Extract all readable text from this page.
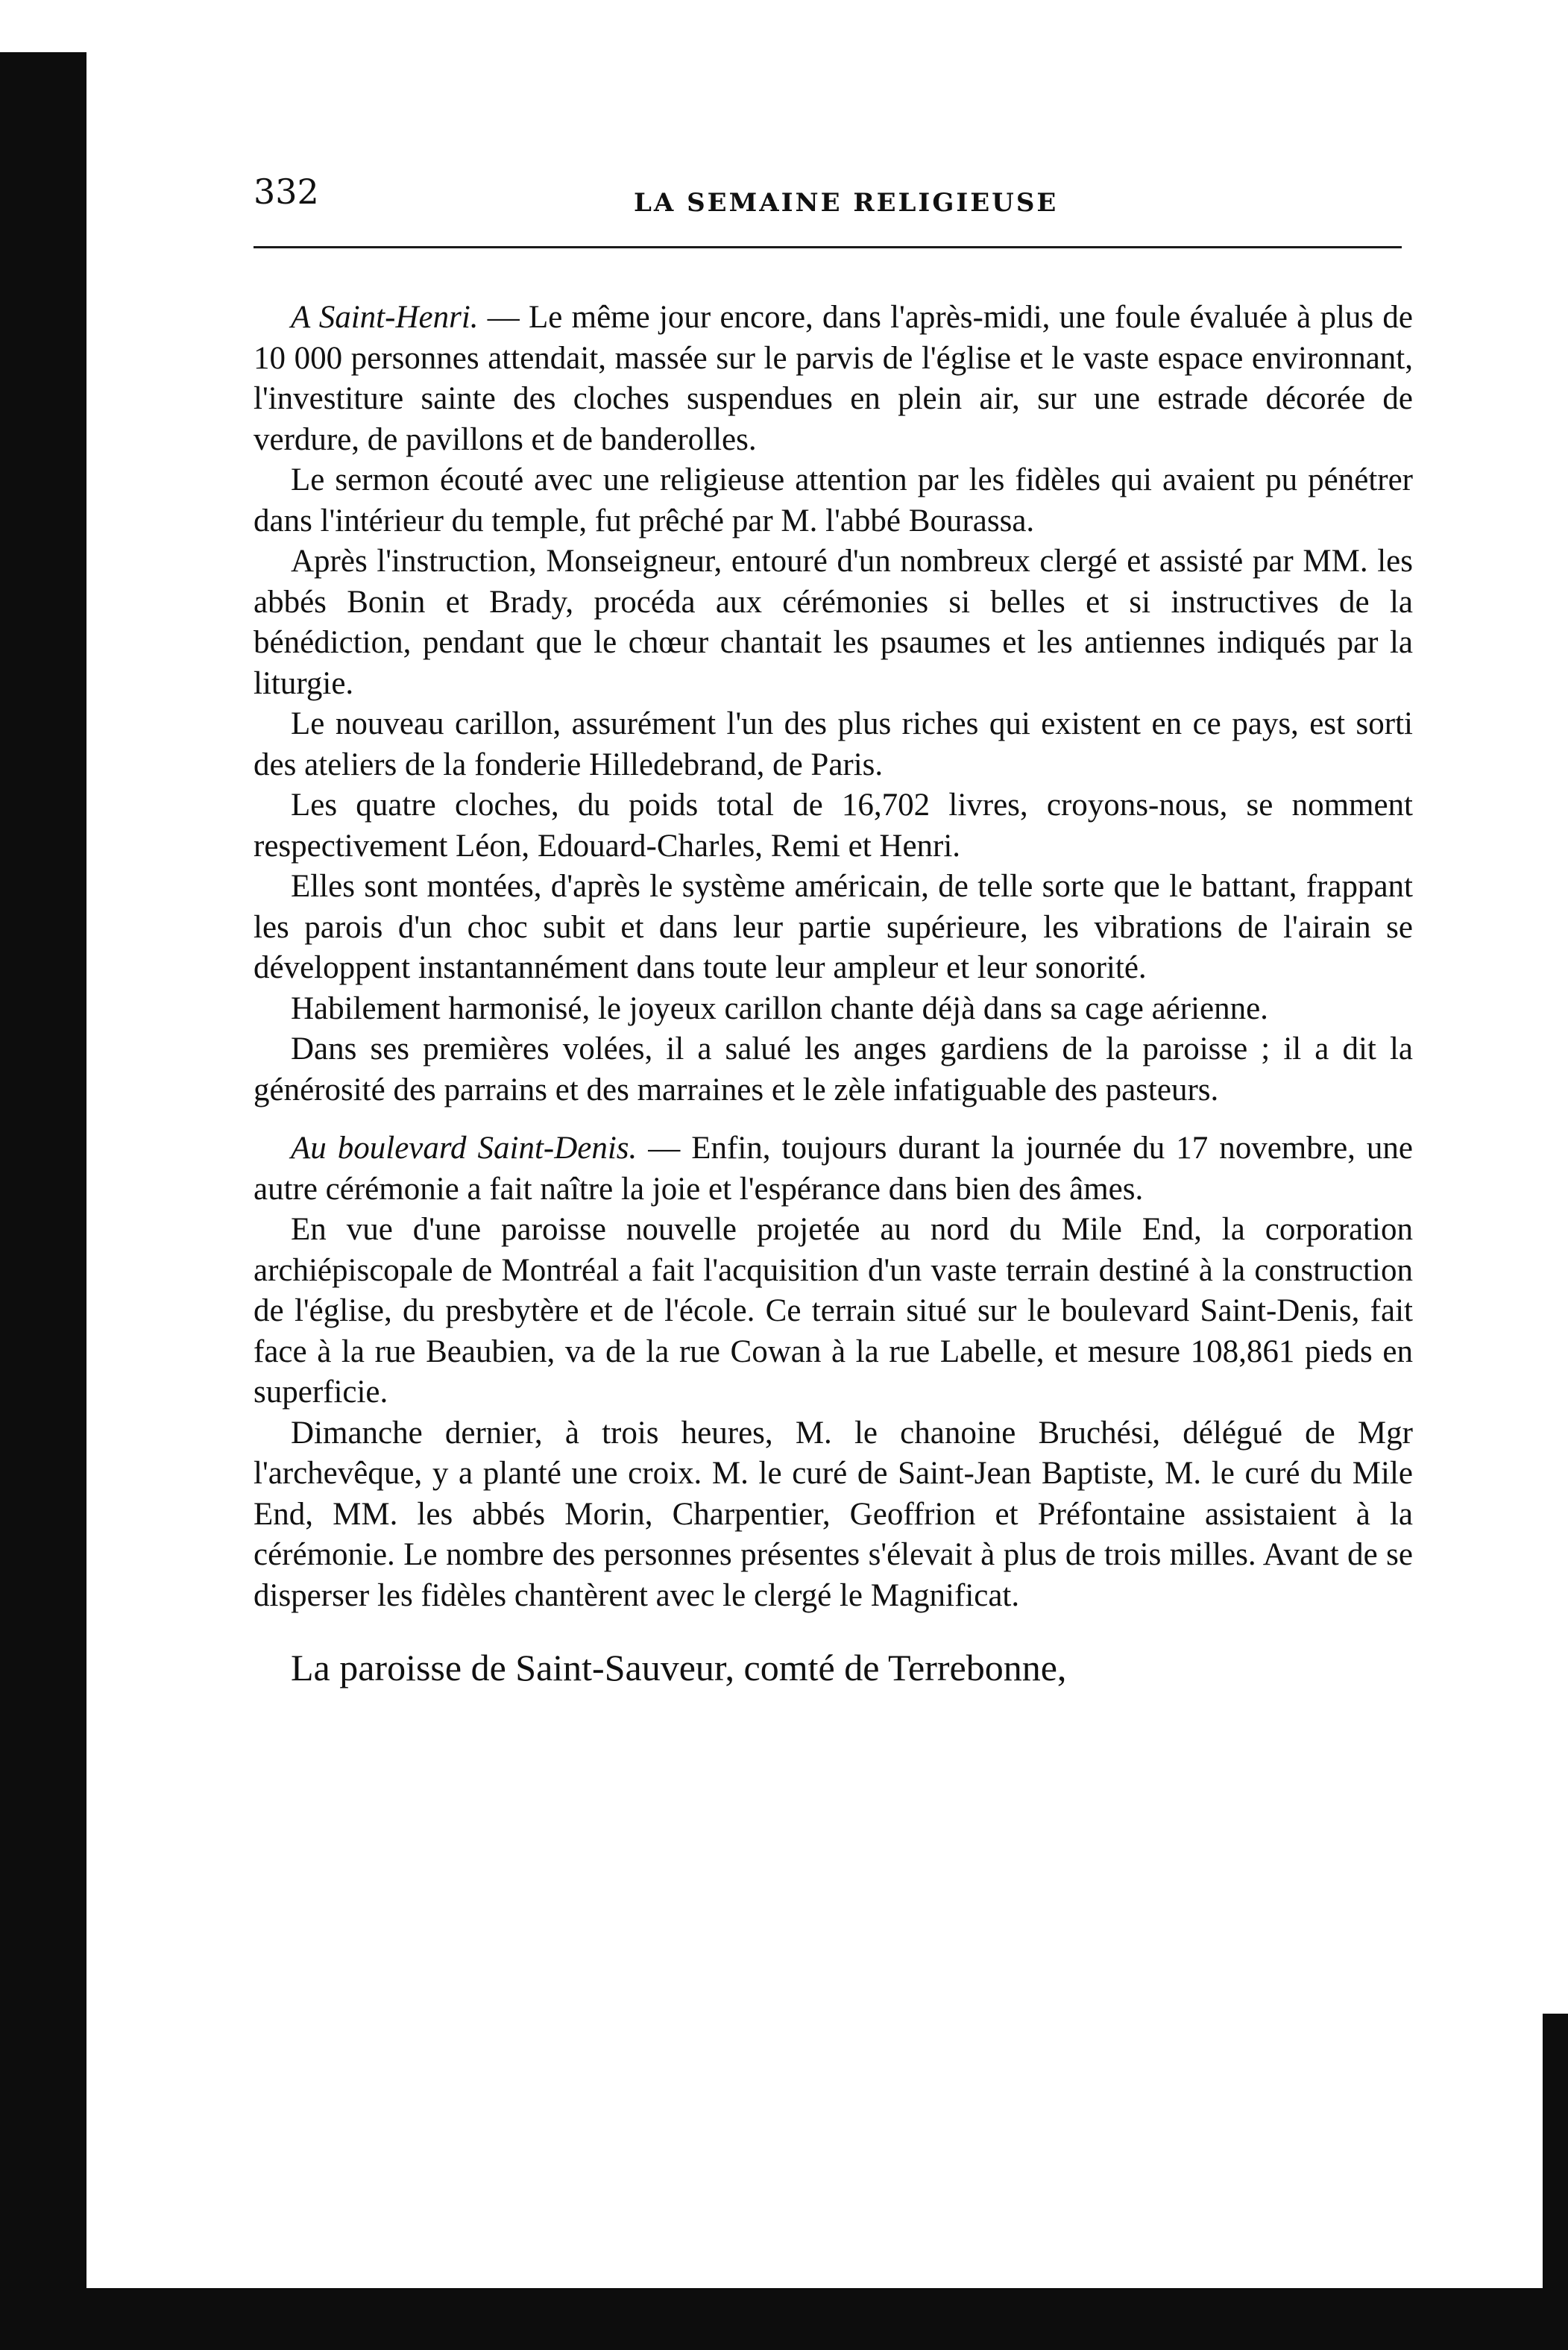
332	LA SEMAINE RELIGIEUSE

A Saint-Henri. — Le même jour encore, dans l'après-midi, une foule évaluée à plus de 10 000 personnes attendait, massée sur le parvis de l'église et le vaste espace environnant, l'investiture sainte des cloches suspendues en plein air, sur une estrade décorée de verdure, de pavillons et de banderolles.

Le sermon écouté avec une religieuse attention par les fidèles qui avaient pu pénétrer dans l'intérieur du temple, fut prêché par M. l'abbé Bourassa.

Après l'instruction, Monseigneur, entouré d'un nombreux clergé et assisté par MM. les abbés Bonin et Brady, procéda aux cérémonies si belles et si instructives de la bénédiction, pendant que le chœur chantait les psaumes et les antiennes indiqués par la liturgie.

Le nouveau carillon, assurément l'un des plus riches qui existent en ce pays, est sorti des ateliers de la fonderie Hilledebrand, de Paris.

Les quatre cloches, du poids total de 16,702 livres, croyons-nous, se nomment respectivement Léon, Edouard-Charles, Remi et Henri.

Elles sont montées, d'après le système américain, de telle sorte que le battant, frappant les parois d'un choc subit et dans leur partie supérieure, les vibrations de l'airain se développent instantannément dans toute leur ampleur et leur sonorité.

Habilement harmonisé, le joyeux carillon chante déjà dans sa cage aérienne.

Dans ses premières volées, il a salué les anges gardiens de la paroisse ; il a dit la générosité des parrains et des marraines et le zèle infatiguable des pasteurs.

Au boulevard Saint-Denis. — Enfin, toujours durant la journée du 17 novembre, une autre cérémonie a fait naître la joie et l'espérance dans bien des âmes.

En vue d'une paroisse nouvelle projetée au nord du Mile End, la corporation archiépiscopale de Montréal a fait l'acquisition d'un vaste terrain destiné à la construction de l'église, du presbytère et de l'école. Ce terrain situé sur le boulevard Saint-Denis, fait face à la rue Beaubien, va de la rue Cowan à la rue Labelle, et mesure 108,861 pieds en superficie.

Dimanche dernier, à trois heures, M. le chanoine Bruchési, délégué de Mgr l'archevêque, y a planté une croix. M. le curé de Saint-Jean Baptiste, M. le curé du Mile End, MM. les abbés Morin, Charpentier, Geoffrion et Préfontaine assistaient à la cérémonie. Le nombre des personnes présentes s'élevait à plus de trois milles. Avant de se disperser les fidèles chantèrent avec le clergé le Magnificat.

La paroisse de Saint-Sauveur, comté de Terrebonne,
